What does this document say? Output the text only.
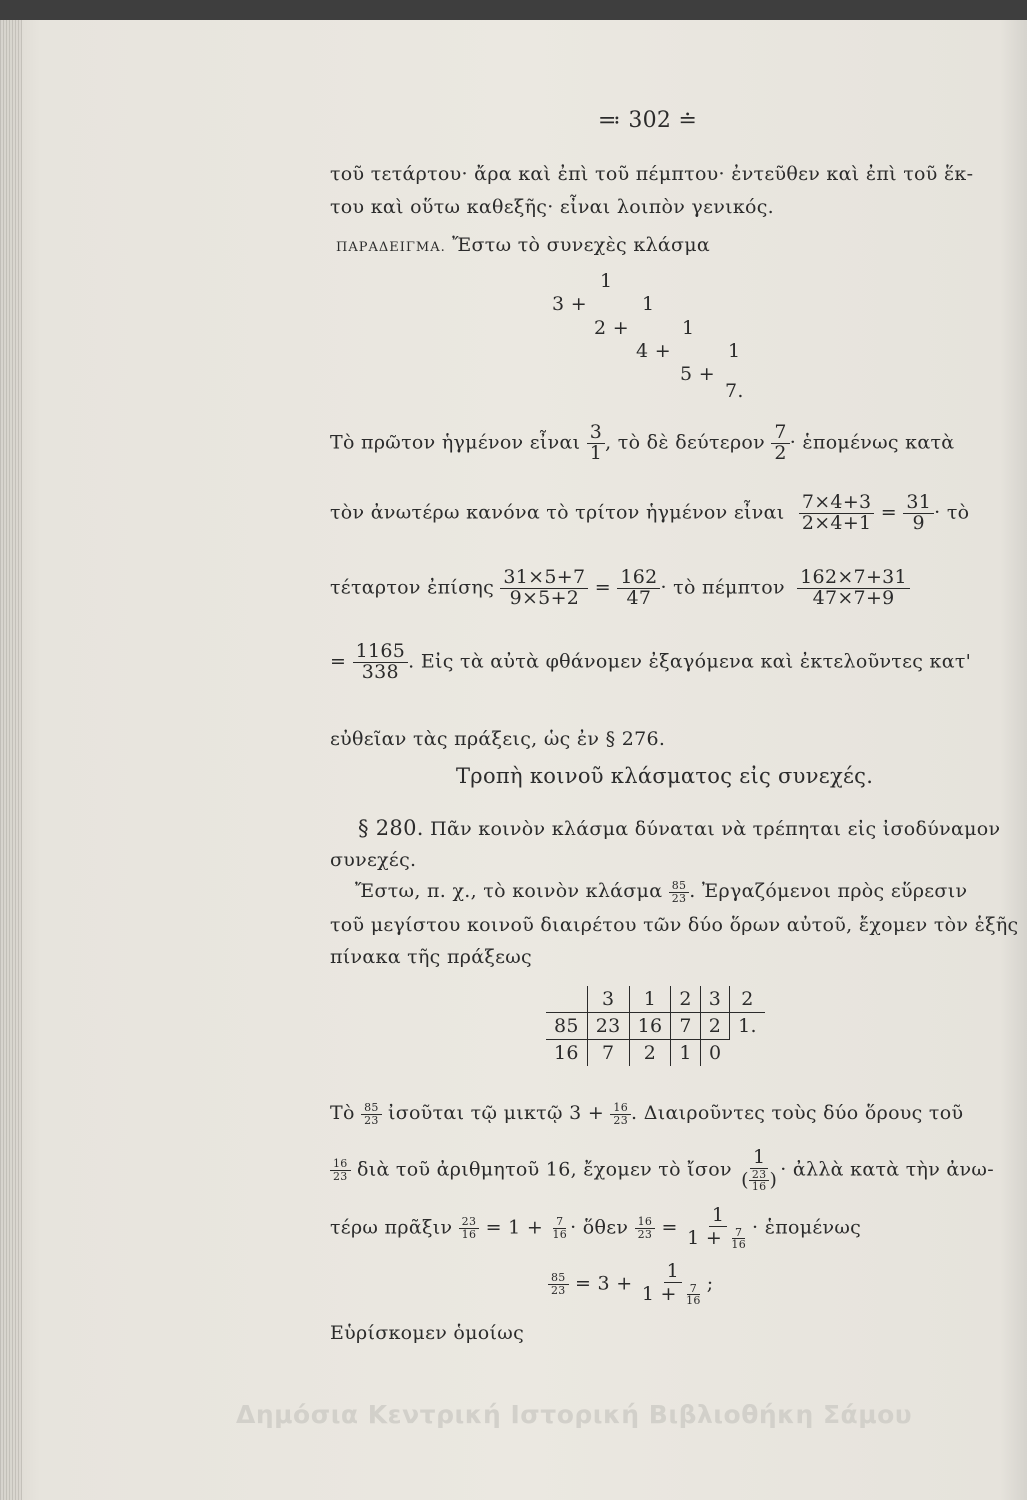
≕ 302 ≐
τοῦ τετάρτου· ἄρα καὶ ἐπὶ τοῦ πέμπτου· ἐντεῦθεν καὶ ἐπὶ τοῦ ἕκ-
του καὶ οὕτω καθεξῆς· εἶναι λοιπὸν γενικός.
ΠΑΡΑΔΕΙΓΜΑ. Ἔστω τὸ συνεχὲς κλάσμα
1
3 +	1
2 +	1
4 +	1
5 +
7.
Τὸ πρῶτον ἡγμένον εἶναι $\frac{3}{1}$ , τὸ δὲ δεύτερον $\frac{7}{2}$ · ἑπομένως κατὰ
τὸν ἀνωτέρω κανόνα τὸ τρίτον ἡγμένον εἶναι $\frac{7\times 4+3}{2\times 4+1} = \frac{31}{9}$ · τὸ
τέταρτον ἐπίσης $\frac{31\times 5+7}{9\times 5+2} = \frac{162}{47}$ · τὸ πέμπτον $\frac{162\times 7+31}{47\times 7+9}$
= $\frac{1165}{338}$ . Εἰς τὰ αὐτὰ φθάνομεν ἐξαγόμενα καὶ ἐκτελοῦντες κατ'
εὐθεῖαν τὰς πράξεις, ὡς ἐν § 276.
Τροπὴ κοινοῦ κλάσματος εἰς συνεχές.
§ 280. Πᾶν κοινὸν κλάσμα δύναται νὰ τρέπηται εἰς ἰσοδύναμον
συνεχές.
Ἔστω, π. χ., τὸ κοινὸν κλάσμα $\frac{85}{23}$ . Ἐργαζόμενοι πρὸς εὕρεσιν
τοῦ μεγίστου κοινοῦ διαιρέτου τῶν δύο ὅρων αὐτοῦ, ἔχομεν τὸν ἑξῆς
πίνακα τῆς πράξεως
	3	1	2	3	2
85	23	16	7	2	1.
16	7	2	1	0	
Τὸ $\frac{85}{23}$ ἰσοῦται τῷ μικτῷ $3 + \frac{16}{23}$ . Διαιροῦντες τοὺς δύο ὅρους τοῦ
$\frac{16}{23}$ διὰ τοῦ ἀριθμητοῦ 16, ἔχομεν τὸ ἴσον $\frac{1}{( \frac{23}{16} )}$ · ἀλλὰ κατὰ τὴν ἀνω-
τέρω πρᾶξιν $\frac{23}{16} = 1 + \frac{7}{16}$ · ὅθεν $\frac{16}{23} = \frac{1}{1 + \frac{7}{16}}$ · ἑπομένως
$\frac{85}{23} = 3 + \frac{1}{1 + \frac{7}{16}}$ ;
Εὑρίσκομεν ὁμοίως
Δημόσια Κεντρική Ιστορική Βιβλιοθήκη Σάμου
